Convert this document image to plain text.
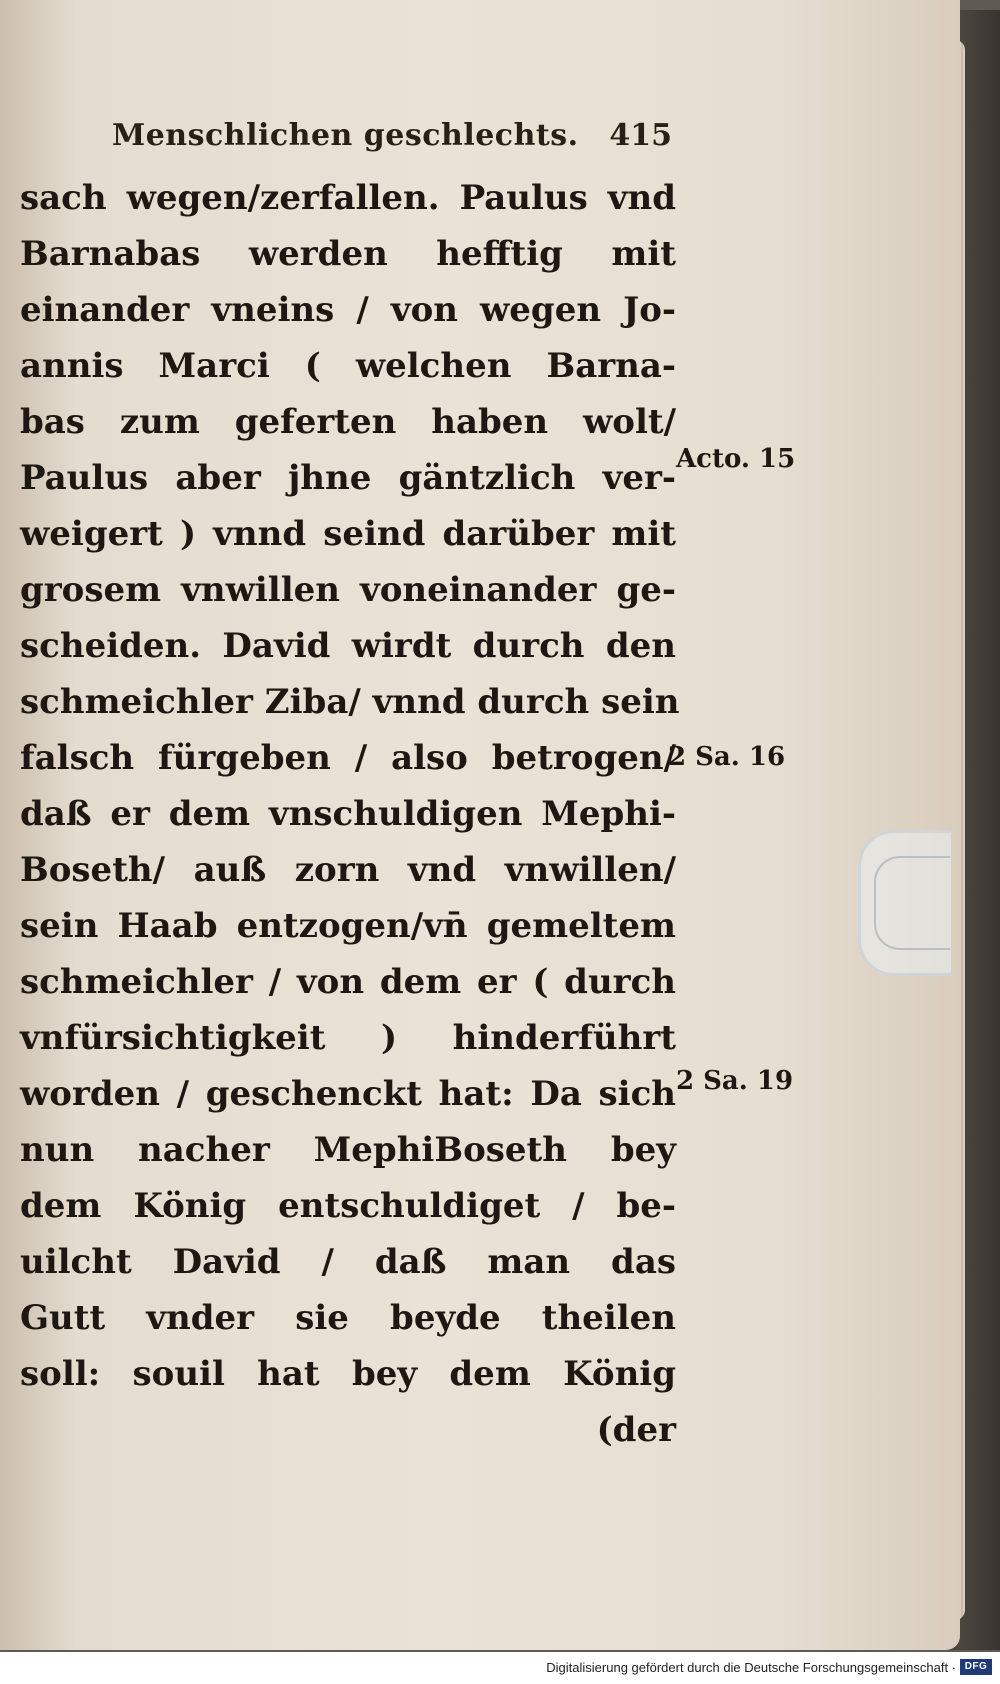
Menschlichen geschlechts. 415
sach wegen/zerfallen. Paulus vnd
Barnabas werden hefftig mit
einander vneins / von wegen Jo-
annis Marci ( welchen Barna-
bas zum geferten haben wolt/
Paulus aber jhne gäntzlich ver-
weigert ) vnnd seind darüber mit
grosem vnwillen voneinander ge-
scheiden. David wirdt durch den
schmeichler Ziba/ vnnd durch sein
falsch fürgeben / also betrogen/
daß er dem vnschuldigen Mephi-
Boseth/ auß zorn vnd vnwillen/
sein Haab entzogen/vn̄ gemeltem
schmeichler / von dem er ( durch
vnfürsichtigkeit ) hinderführt
worden / geschenckt hat: Da sich
nun nacher MephiBoseth bey
dem König entschuldiget / be-
uilcht David / daß man das
Gutt vnder sie beyde theilen
soll: souil hat bey dem König
(der
Acto. 15
2 Sa. 16
2 Sa. 19
Digitalisierung gefördert durch die Deutsche Forschungsgemeinschaft · DFG
